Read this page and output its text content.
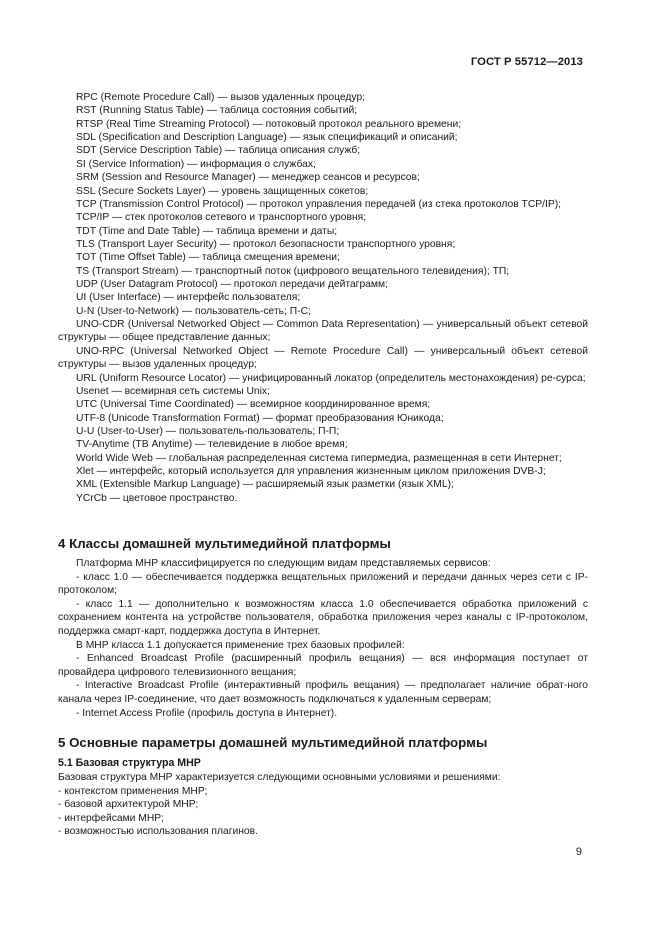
ГОСТ Р 55712—2013
RPC (Remote Procedure Call) — вызов удаленных процедур;
RST (Running Status Table) — таблица состояния событий;
RTSP (Real Time Streaming Protocol) — потоковый протокол реального времени;
SDL (Specification and Description Language) — язык спецификаций и описаний;
SDT (Service Description Table) — таблица описания служб;
SI (Service Information) — информация о службах;
SRM (Session and Resource Manager) — менеджер сеансов и ресурсов;
SSL (Secure Sockets Layer) — уровень защищенных сокетов;
TCP (Transmission Control Protocol) — протокол управления передачей (из стека протоколов TCP/IP);
TCP/IP — стек протоколов сетевого и транспортного уровня;
TDT (Time and Date Table) — таблица времени и даты;
TLS (Transport Layer Security) — протокол безопасности транспортного уровня;
TOT (Time Offset Table) — таблица смещения времени;
TS (Transport Stream) — транспортный поток (цифрового вещательного телевидения); ТП;
UDP (User Datagram Protocol) — протокол передачи дейтаграмм;
UI (User Interface) — интерфейс пользователя;
U-N (User-to-Network) — пользователь-сеть; П-С;
UNO-CDR (Universal Networked Object — Common Data Representation) — универсальный объект сетевой структуры — общее представление данных;
UNO-RPC (Universal Networked Object — Remote Procedure Call) — универсальный объект сетевой структуры — вызов удаленных процедур;
URL (Uniform Resource Locator) — унифицированный локатор (определитель местонахождения) ре-сурса;
Usenet — всемирная сеть системы Unix;
UTC (Universal Time Coordinated) — всемирное координированное время;
UTF-8 (Unicode Transformation Format) — формат преобразования Юникода;
U-U (User-to-User) — пользователь-пользователь; П-П;
TV-Anytime (ТВ Anytime) — телевидение в любое время;
World Wide Web — глобальная распределенная система гипермедиа, размещенная в сети Интернет;
Xlet — интерфейс, который используется для управления жизненным циклом приложения DVB-J;
XML (Extensible Markup Language) — расширяемый язык разметки (язык XML);
YCrCb — цветовое пространство.
4 Классы домашней мультимедийной платформы
Платформа МНР классифицируется по следующим видам представляемых сервисов:
- класс 1.0 — обеспечивается поддержка вещательных приложений и передачи данных через сети с IP-протоколом;
- класс 1.1 — дополнительно к возможностям класса 1.0 обеспечивается обработка приложений с сохранением контента на устройстве пользователя, обработка приложения через каналы с IP-протоколом, поддержка смарт-карт, поддержка доступа в Интернет.
В МНР класса 1.1 допускается применение трех базовых профилей:
- Enhanced Broadcast Profile (расширенный профиль вещания) — вся информация поступает от провайдера цифрового телевизионного вещания;
- Interactive Broadcast Profile (интерактивный профиль вещания) — предполагает наличие обрат-ного канала через IP-соединение, что дает возможность подключаться к удаленным серверам;
- Internet Access Profile (профиль доступа в Интернет).
5 Основные параметры домашней мультимедийной платформы
5.1 Базовая структура МНР
Базовая структура МНР характеризуется следующими основными условиями и решениями:
- контекстом применения МНР;
- базовой архитектурой МНР;
- интерфейсами МНР;
- возможностью использования плагинов.
9
